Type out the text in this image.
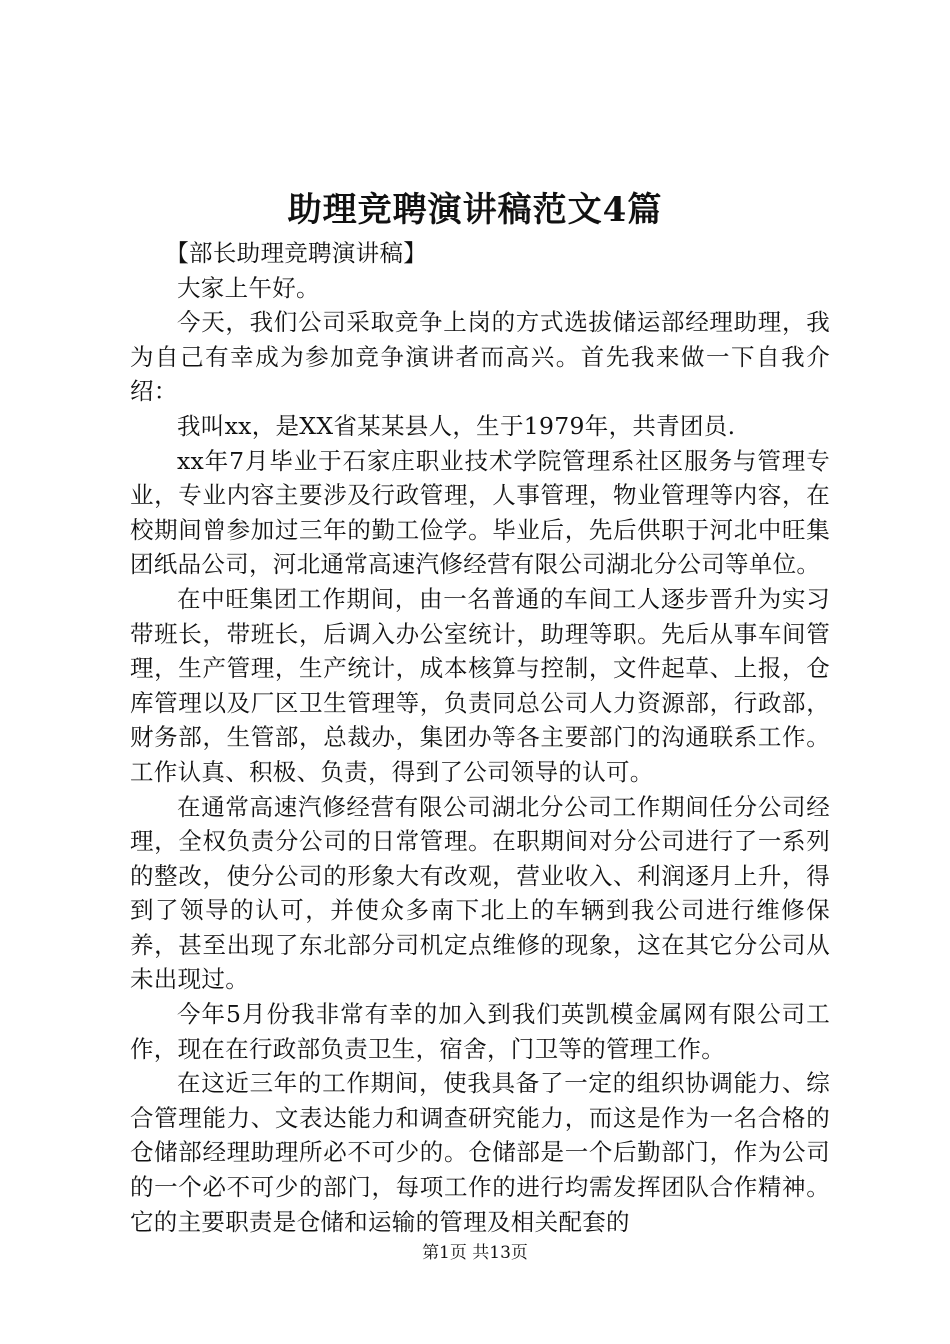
助理竞聘演讲稿范文4篇

【部长助理竞聘演讲稿】

大家上午好。

今天，我们公司采取竞争上岗的方式选拔储运部经理助理，我为自己有幸成为参加竞争演讲者而高兴。首先我来做一下自我介绍：

我叫xx，是XX省某某县人，生于1979年，共青团员.

xx年7月毕业于石家庄职业技术学院管理系社区服务与管理专业，专业内容主要涉及行政管理，人事管理，物业管理等内容，在校期间曾参加过三年的勤工俭学。毕业后，先后供职于河北中旺集团纸品公司，河北通常高速汽修经营有限公司湖北分公司等单位。

在中旺集团工作期间，由一名普通的车间工人逐步晋升为实习带班长，带班长，后调入办公室统计，助理等职。先后从事车间管理，生产管理，生产统计，成本核算与控制，文件起草、上报，仓库管理以及厂区卫生管理等，负责同总公司人力资源部，行政部，财务部，生管部，总裁办，集团办等各主要部门的沟通联系工作。工作认真、积极、负责，得到了公司领导的认可。

在通常高速汽修经营有限公司湖北分公司工作期间任分公司经理，全权负责分公司的日常管理。在职期间对分公司进行了一系列的整改，使分公司的形象大有改观，营业收入、利润逐月上升，得到了领导的认可，并使众多南下北上的车辆到我公司进行维修保养，甚至出现了东北部分司机定点维修的现象，这在其它分公司从未出现过。

今年5月份我非常有幸的加入到我们英凯模金属网有限公司工作，现在在行政部负责卫生，宿舍，门卫等的管理工作。

在这近三年的工作期间，使我具备了一定的组织协调能力、综合管理能力、文表达能力和调查研究能力，而这是作为一名合格的仓储部经理助理所必不可少的。仓储部是一个后勤部门，作为公司的一个必不可少的部门，每项工作的进行均需发挥团队合作精神。它的主要职责是仓储和运输的管理及相关配套的

第1页 共13页
